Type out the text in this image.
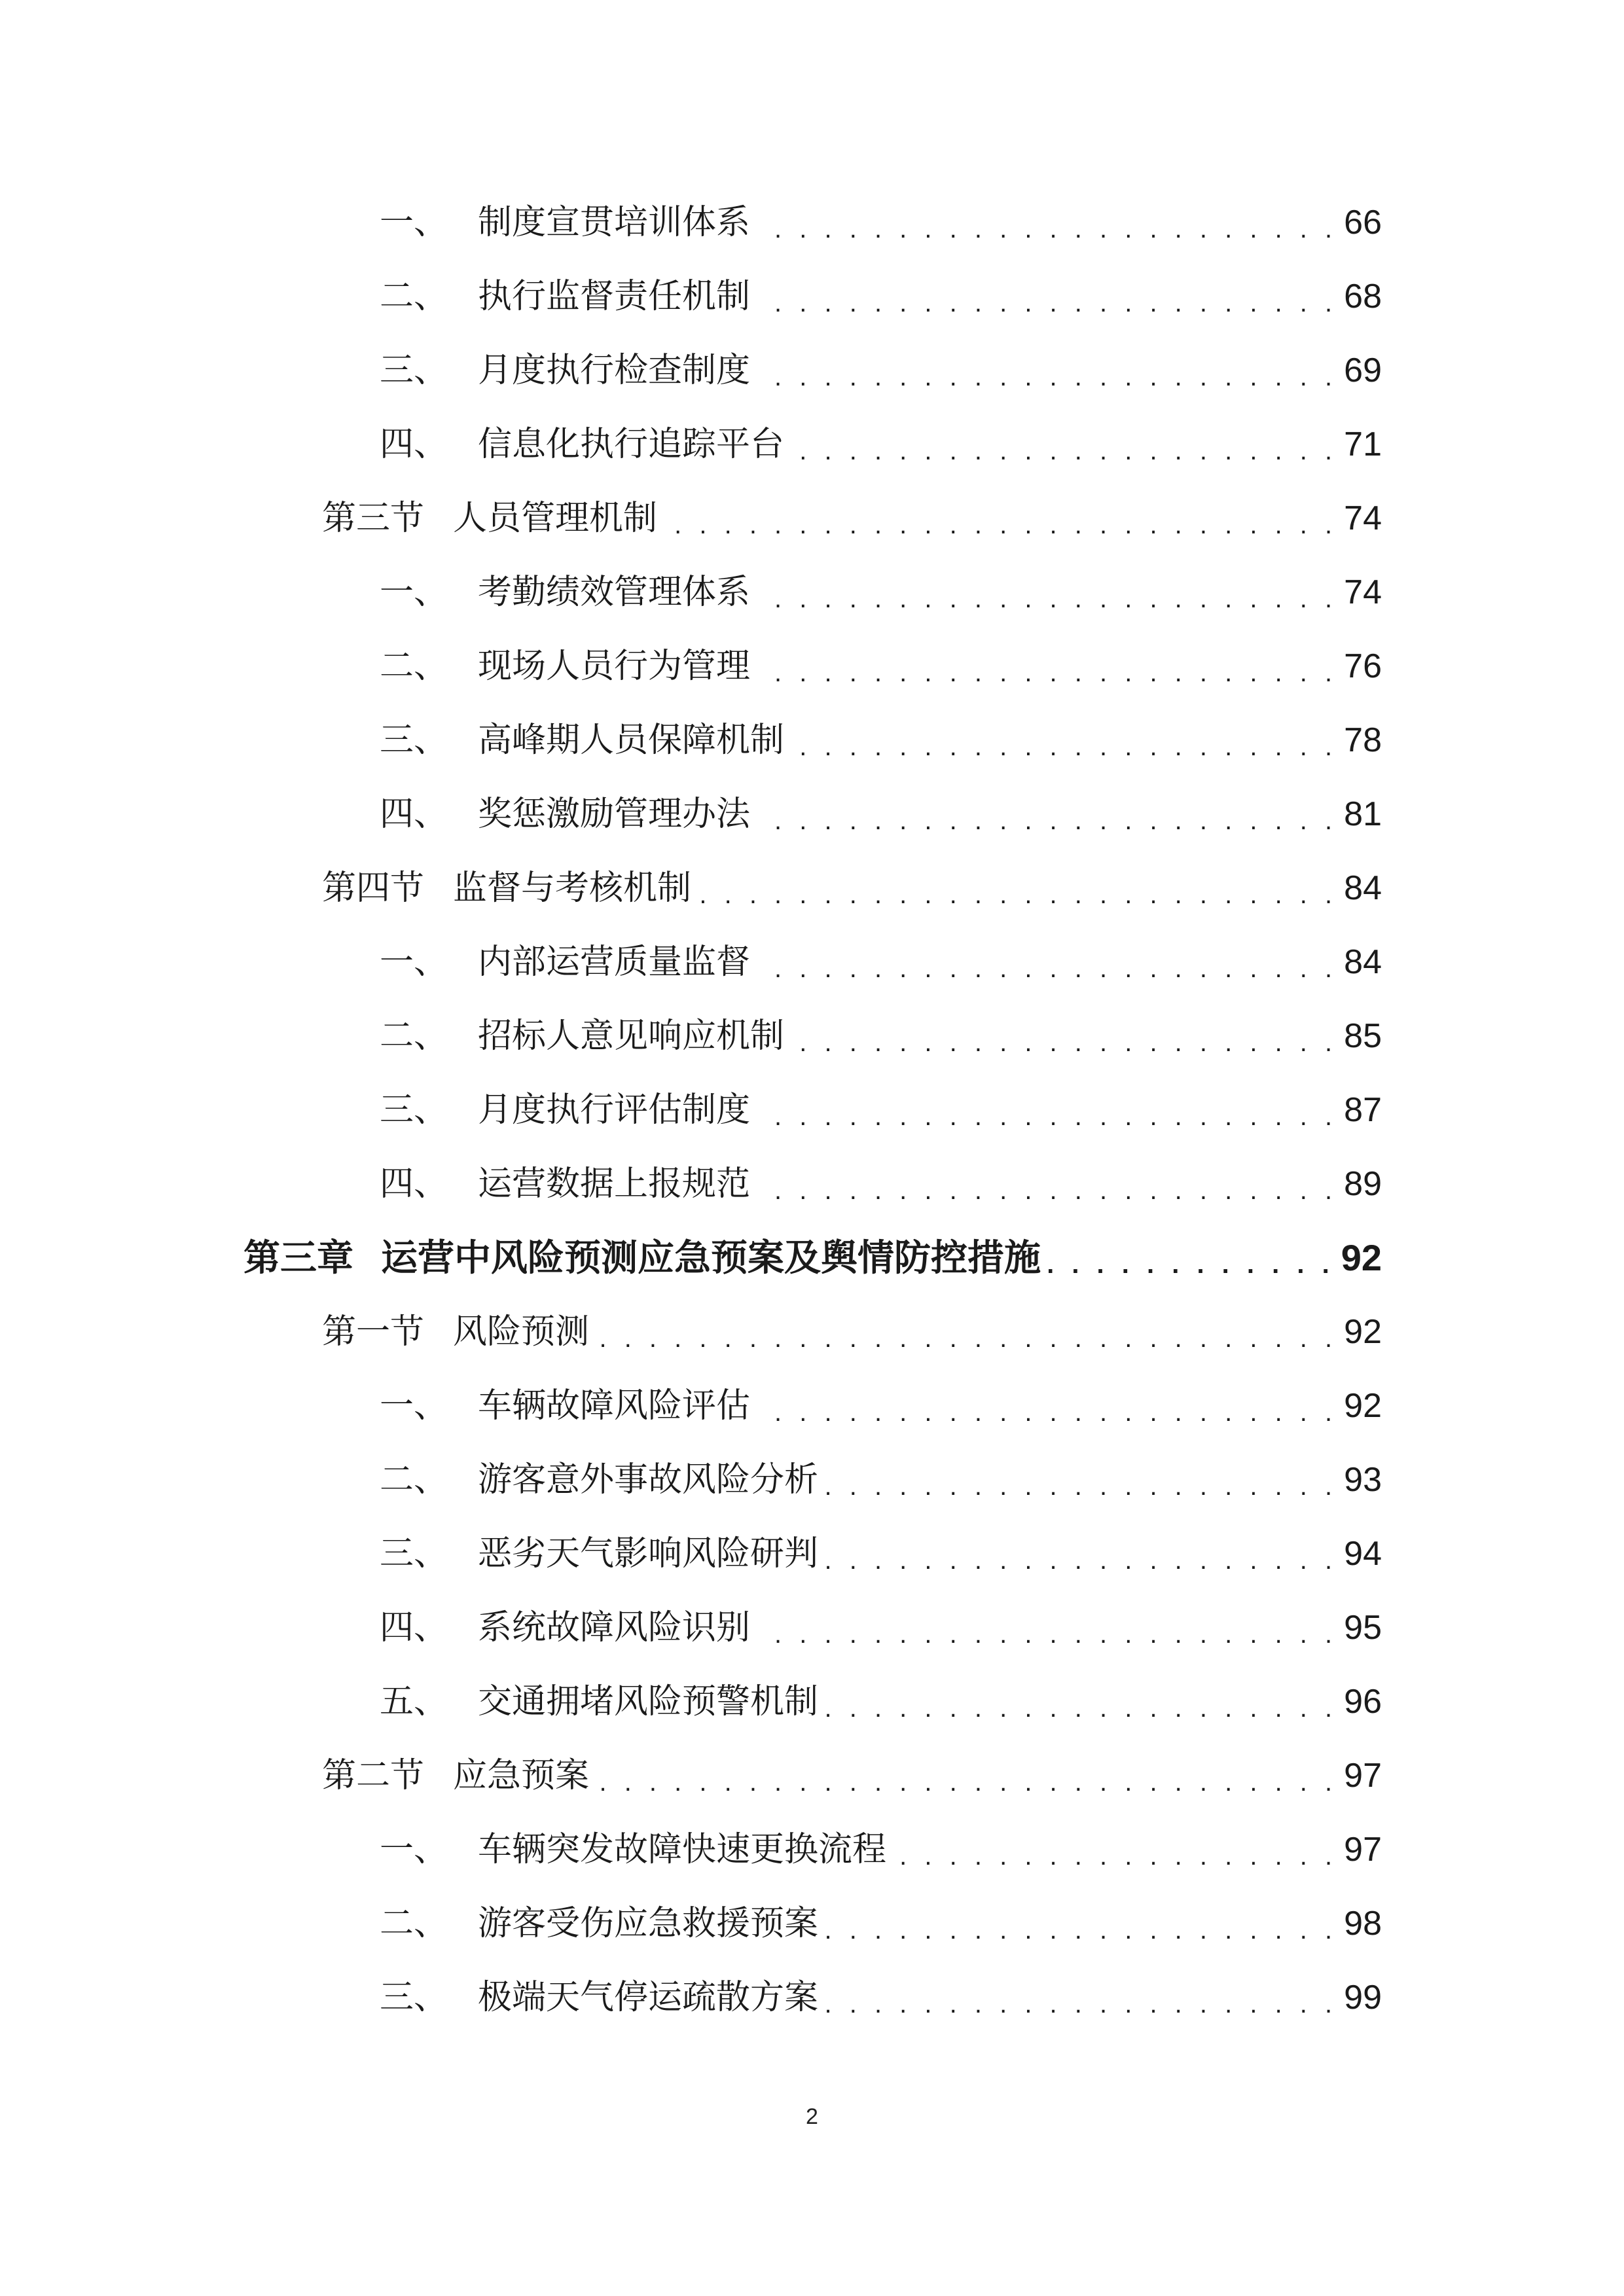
一、 制度宣贯培训体系 . . .	66
二、 执行监督责任机制 . . .	68
三、 月度执行检查制度 . . .	69
四、 信息化执行追踪平台 . . .	71
第三节 人员管理机制 . . .	74
一、 考勤绩效管理体系 . . .	74
二、 现场人员行为管理 . . .	76
三、 高峰期人员保障机制 . . .	78
四、 奖惩激励管理办法 . . .	81
第四节 监督与考核机制 . . .	84
一、 内部运营质量监督 . . .	84
二、 招标人意见响应机制 . . .	85
三、 月度执行评估制度 . . .	87
四、 运营数据上报规范 . . .	89
第三章 运营中风险预测应急预案及舆情防控措施 . . .	92
第一节 风险预测 . . .	92
一、 车辆故障风险评估 . . .	92
二、 游客意外事故风险分析 . . .	93
三、 恶劣天气影响风险研判 . . .	94
四、 系统故障风险识别 . . .	95
五、 交通拥堵风险预警机制 . . .	96
第二节 应急预案 . . .	97
一、 车辆突发故障快速更换流程 . . .	97
二、 游客受伤应急救援预案 . . .	98
三、 极端天气停运疏散方案 . . .	99
2
